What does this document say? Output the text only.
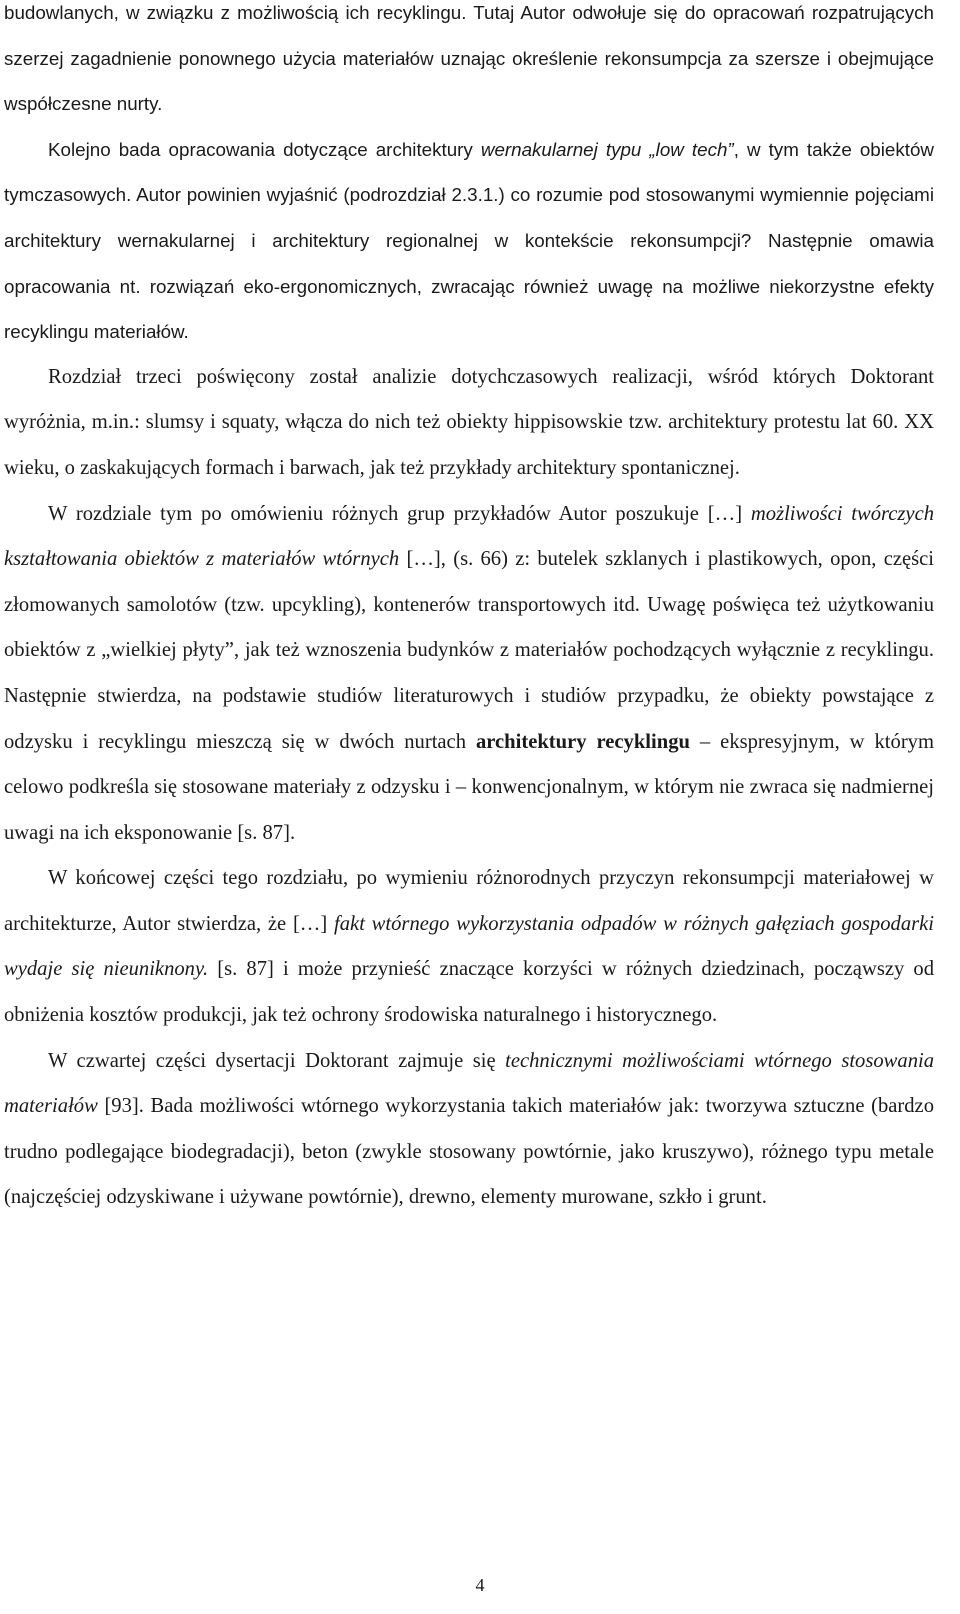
budowlanych, w związku z możliwością ich recyklingu. Tutaj Autor odwołuje się do opracowań rozpatrujących szerzej zagadnienie ponownego użycia materiałów uznając określenie rekonsumpcja za szersze i obejmujące współczesne nurty.

Kolejno bada opracowania dotyczące architektury wernakularnej typu „low tech”, w tym także obiektów tymczasowych. Autor powinien wyjaśnić (podrozdział 2.3.1.) co rozumie pod stosowanymi wymiennie pojęciami architektury wernakularnej i architektury regionalnej w kontekście rekonsumpcji? Następnie omawia opracowania nt. rozwiązań eko-ergonomicznych, zwracając również uwagę na możliwe niekorzystne efekty recyklingu materiałów.

Rozdział trzeci poświęcony został analizie dotychczasowych realizacji, wśród których Doktorant wyróżnia, m.in.: slumsy i squaty, włącza do nich też obiekty hippisowskie tzw. architektury protestu lat 60. XX wieku, o zaskakujących formach i barwach, jak też przykłady architektury spontanicznej.

W rozdziale tym po omówieniu różnych grup przykładów Autor poszukuje […] możliwości twórczych kształtowania obiektów z materiałów wtórnych […], (s. 66) z: butelek szklanych i plastikowych, opon, części złomowanych samolotów (tzw. upcykling), kontenerów transportowych itd. Uwagę poświęca też użytkowaniu obiektów z „wielkiej płyty”, jak też wznoszenia budynków z materiałów pochodzących wyłącznie z recyklingu. Następnie stwierdza, na podstawie studiów literaturowych i studiów przypadku, że obiekty powstające z odzysku i recyklingu mieszczą się w dwóch nurtach architektury recyklingu – ekspresyjnym, w którym celowo podkreśla się stosowane materiały z odzysku i – konwencjonalnym, w którym nie zwraca się nadmiernej uwagi na ich eksponowanie [s. 87].

W końcowej części tego rozdziału, po wymieniu różnorodnych przyczyn rekonsumpcji materiałowej w architekturze, Autor stwierdza, że […] fakt wtórnego wykorzystania odpadów w różnych gałęziach gospodarki wydaje się nieuniknony. [s. 87] i może przynieść znaczące korzyści w różnych dziedzinach, począwszy od obniżenia kosztów produkcji, jak też ochrony środowiska naturalnego i historycznego.

W czwartej części dysertacji Doktorant zajmuje się technicznymi możliwościami wtórnego stosowania materiałów [93]. Bada możliwości wtórnego wykorzystania takich materiałów jak: tworzywa sztuczne (bardzo trudno podlegające biodegradacji), beton (zwykle stosowany powtórnie, jako kruszywo), różnego typu metale (najczęściej odzyskiwane i używane powtórnie), drewno, elementy murowane, szkło i grunt.

4
